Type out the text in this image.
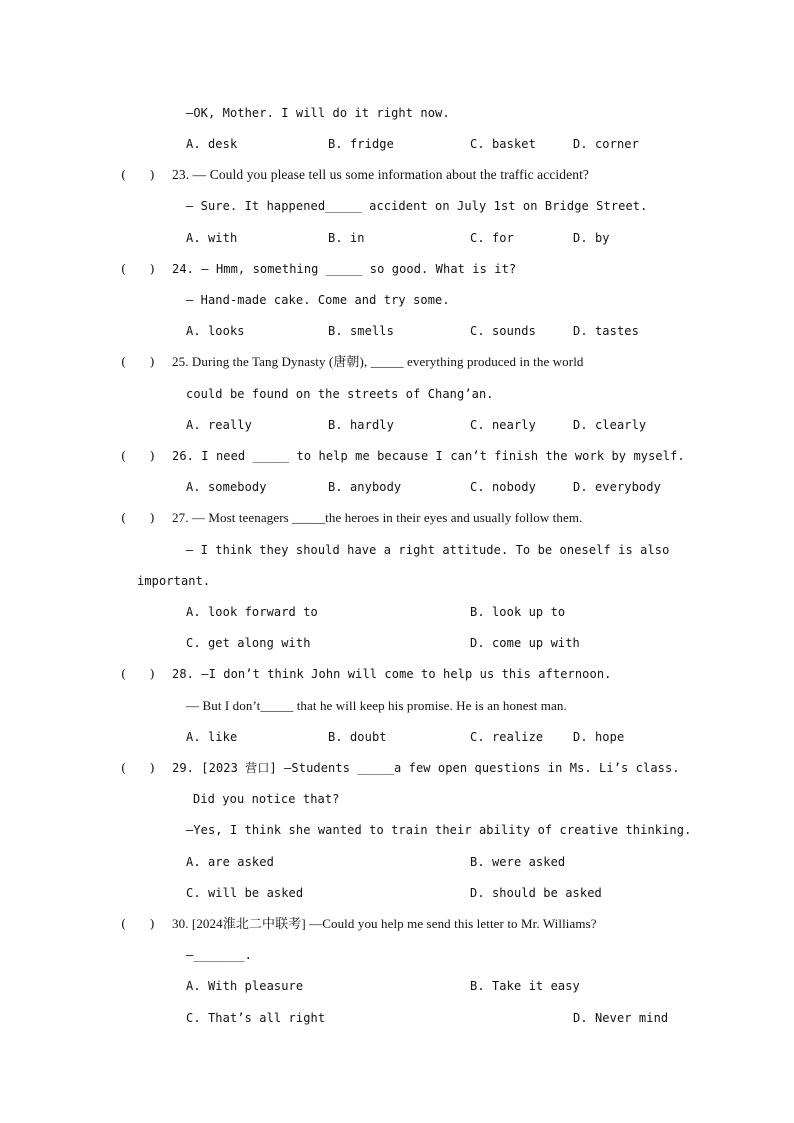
—OK, Mother. I will do it right now.
A. desk	B. fridge	C. basket	D. corner
(      ) 23. — Could you please tell us some information about the traffic accident?
— Sure. It happened_____ accident on July 1st on Bridge Street.
A. with	B. in	C. for	D. by
(      ) 24. — Hmm, something _____ so good. What is it?
— Hand-made cake. Come and try some.
A. looks	B. smells	C. sounds	D. tastes
(      ) 25. During the Tang Dynasty (唐朝), _____ everything produced in the world
could be found on the streets of Chang’an.
A. really	B. hardly	C. nearly	D. clearly
(      ) 26. I need _____ to help me because I can’t finish the work by myself.
A. somebody	B. anybody	C. nobody	D. everybody
(      ) 27. — Most teenagers _____the heroes in their eyes and usually follow them.
— I think they should have a right attitude. To be oneself is also
important.
A. look forward to	B. look up to
C. get along with	D. come up with
(      ) 28. —I don’t think John will come to help us this afternoon.
— But I don’t_____ that he will keep his promise. He is an honest man.
A. like	B. doubt	C. realize D. hope
(      ) 29. [2023 营口] —Students _____a few open questions in Ms. Li’s class.
Did you notice that?
—Yes, I think she wanted to train their ability of creative thinking.
A. are asked	B. were asked
C. will be asked	D. should be asked
(      ) 30. [2024淮北二中联考] —Could you help me send this letter to Mr. Williams?
—_______.
A. With pleasure	B. Take it easy
C. That’s all right	D. Never mind
